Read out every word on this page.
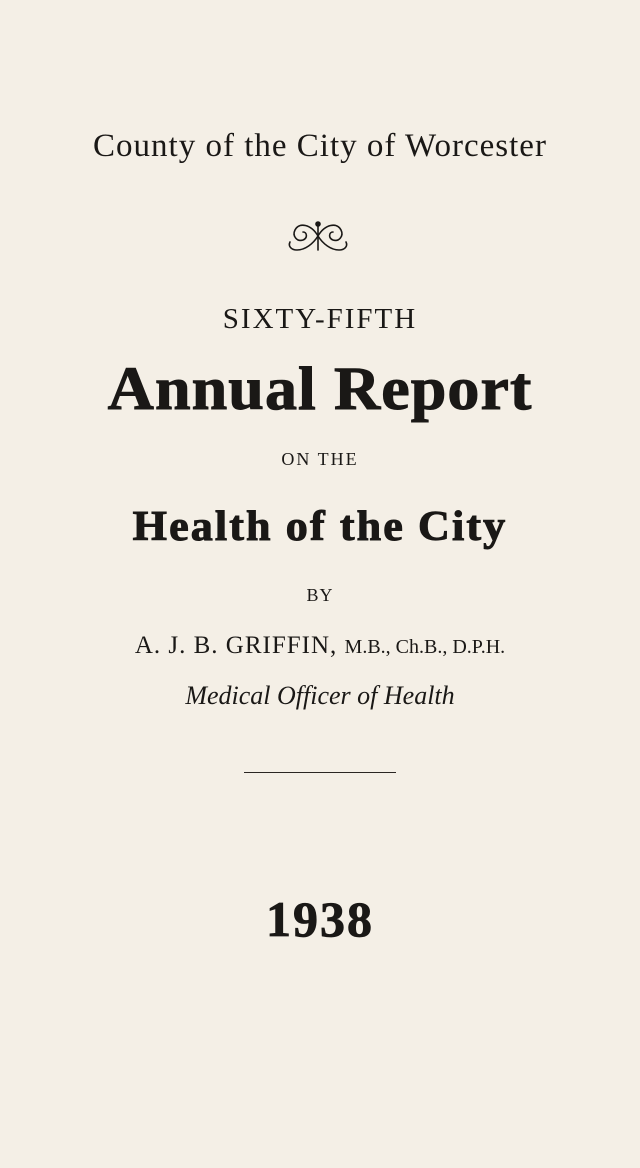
County of the City of Worcester
SIXTY-FIFTH
Annual Report
ON THE
Health of the City
BY
A. J. B. GRIFFIN, M.B., Ch.B., D.P.H.
Medical Officer of Health
1938
